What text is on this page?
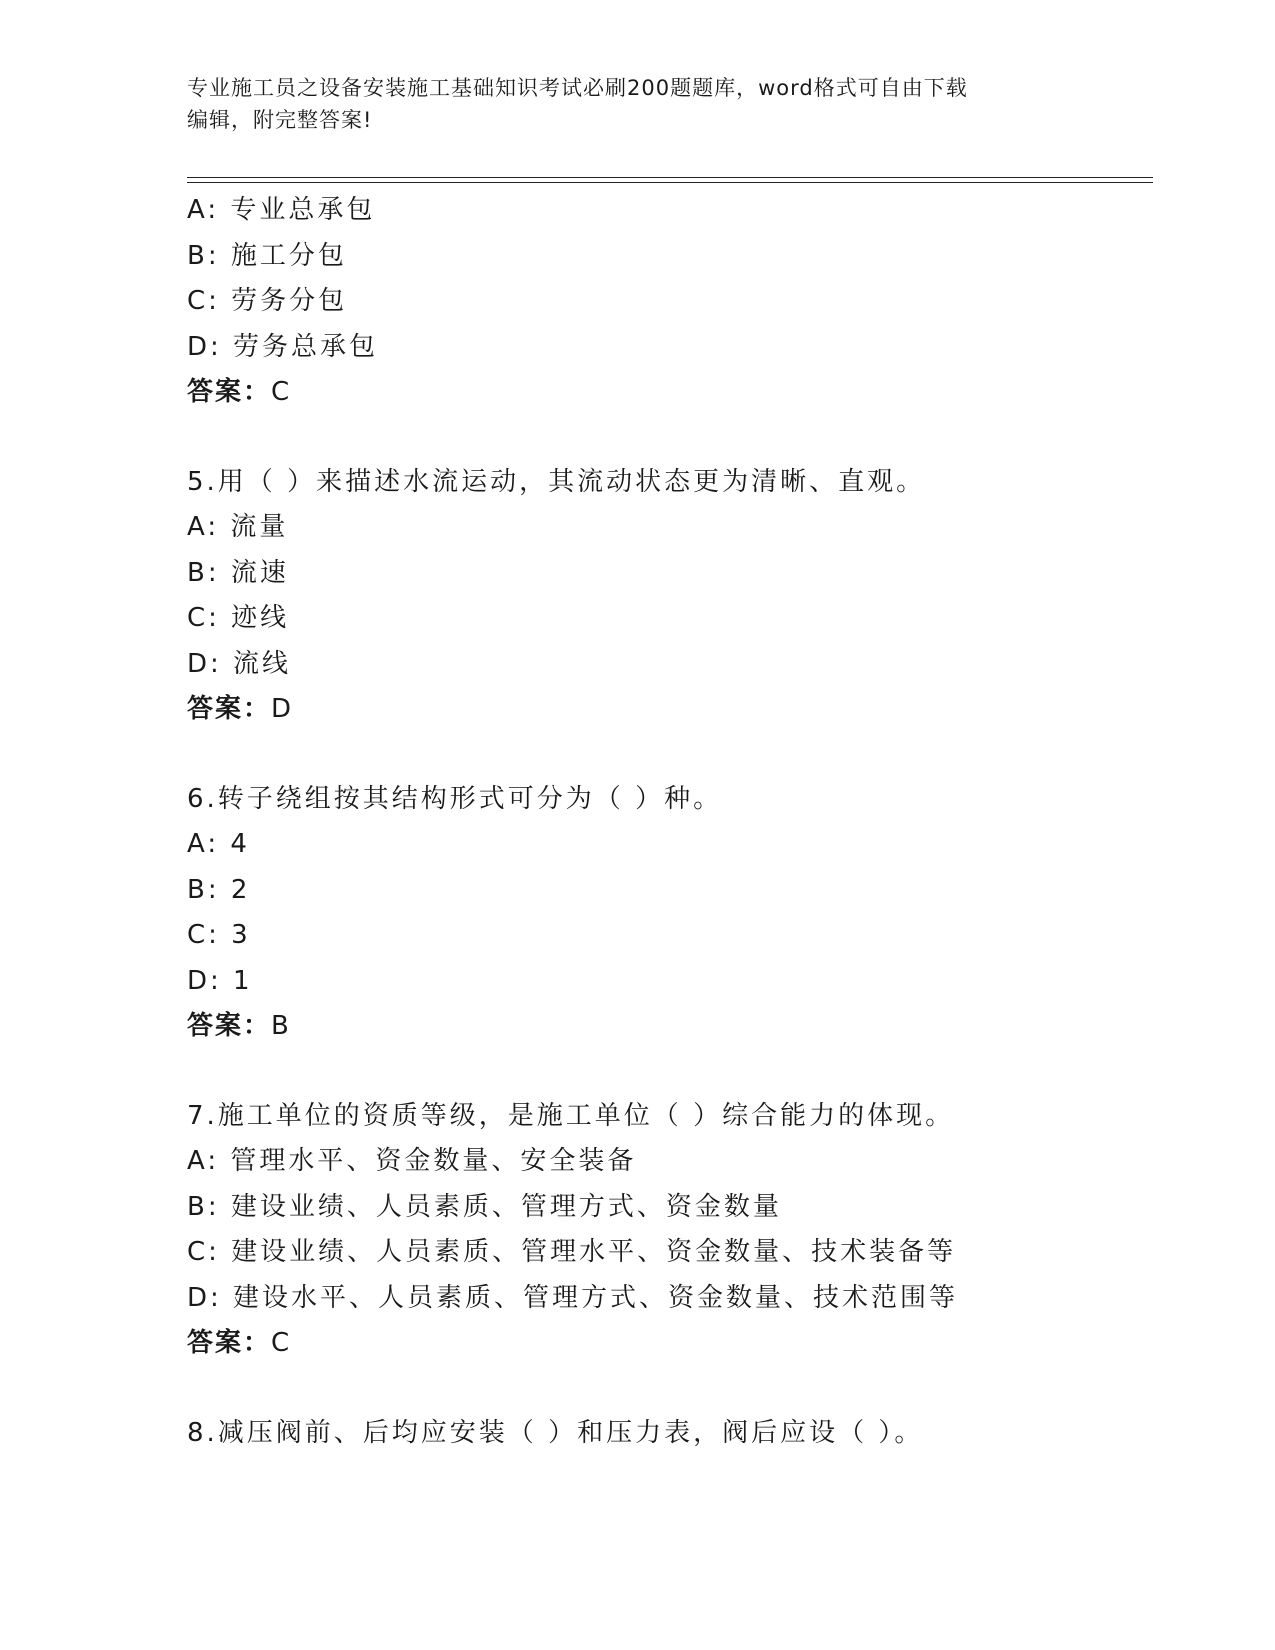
专业施工员之设备安装施工基础知识考试必刷200题题库，word格式可自由下载
编辑，附完整答案!
A: 专业总承包
B: 施工分包
C: 劳务分包
D: 劳务总承包
答案：C
5.用（ ）来描述水流运动，其流动状态更为清晰、直观。
A: 流量
B: 流速
C: 迹线
D: 流线
答案：D
6.转子绕组按其结构形式可分为（ ）种。
A: 4
B: 2
C: 3
D: 1
答案：B
7.施工单位的资质等级，是施工单位（ ）综合能力的体现。
A: 管理水平、资金数量、安全装备
B: 建设业绩、人员素质、管理方式、资金数量
C: 建设业绩、人员素质、管理水平、资金数量、技术装备等
D: 建设水平、人员素质、管理方式、资金数量、技术范围等
答案：C
8.减压阀前、后均应安装（ ）和压力表，阀后应设（ ）。
